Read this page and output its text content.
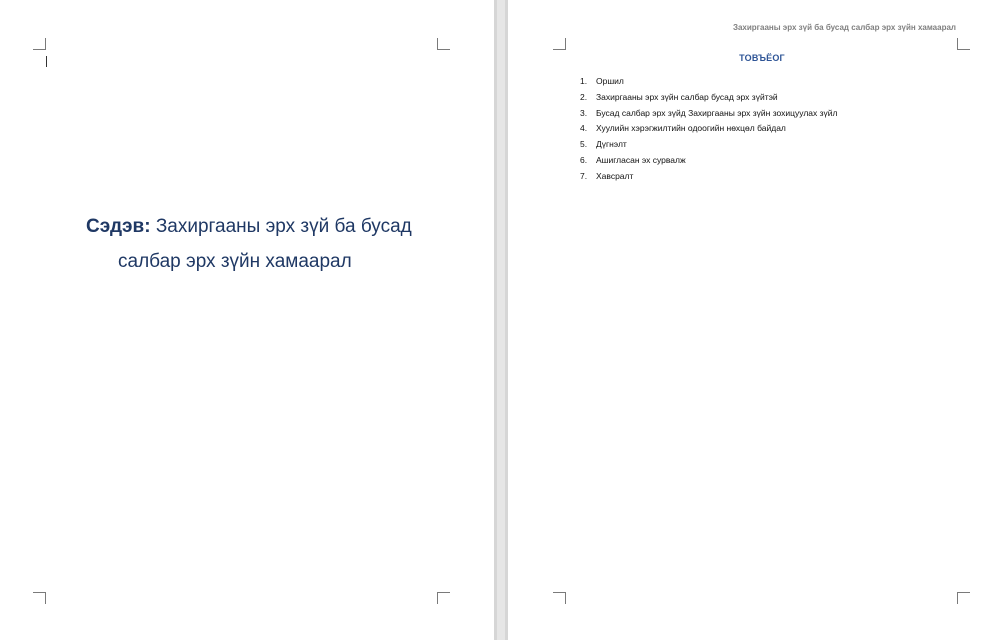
Сэдэв: Захиргааны эрх зүй ба бусад
салбар эрх зүйн хамаарал
Захиргааны эрх зүй ба бусад салбар эрх зүйн хамаарал
ТОВЪЁОГ
1. Оршил
2. Захиргааны эрх зүйн салбар бусад эрх зүйтэй
3. Бусад салбар эрх зүйд Захиргааны эрх зүйн зохицуулах зүйл
4. Хуулийн хэрэгжилтийн одоогийн нөхцөл байдал
5. Дүгнэлт
6. Ашигласан эх сурвалж
7. Хавсралт
